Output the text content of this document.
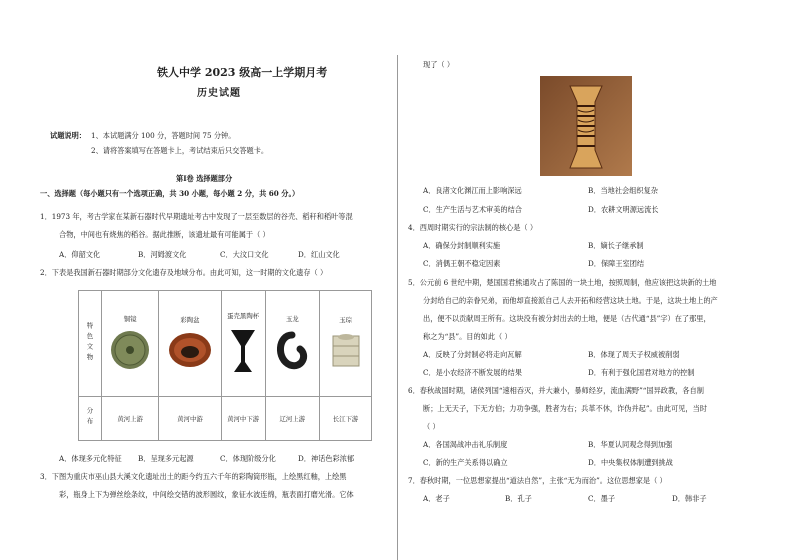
铁人中学 2023 级高一上学期月考
历史试题
试题说明： 1、本试题满分 100 分，答题时间 75 分钟。
2、请将答案填写在答题卡上，考试结束后只交答题卡。
第Ⅰ卷 选择题部分
一、选择题（每小题只有一个选项正确，共 30 小题，每小题 2 分，共 60 分。）
1．1973 年，考古学家在某新石器时代早期遗址考古中发现了一层至数层的谷壳、稻秆和稻叶等混
合物，中间也有烧焦的稻谷。据此推断，该遗址最有可能属于（ ）
A．仰韶文化	B．河姆渡文化	C．大汶口文化	D．红山文化
2．下表是我国新石器时期部分文化遗存及地域分布。由此可知，这一时期的文化遗存（ ）
特色文物	铜镜	彩陶盆	蛋壳黑陶杯	玉龙	玉琮

分布	黄河上游	黄河中游	黄河中下游	辽河上游	长江下游
A．体现多元化特征 B．呈现多元起源	C．体现阶级分化	D．神话色彩浓郁
3．下图为重庆市巫山县大溪文化遗址出土的距今约五六千年的彩陶筒形瓶，上绘黑红釉，上绘黑
彩，瓶身上下为弹丝绘条纹，中间绘交错的波形圆纹，象征水波连绵，瓶表面打磨光滑。它体
现了（ ）
A．良渚文化渊江而上影响深远	B．当地社会组织复杂
C．生产生活与艺术审美的结合	D．农耕文明源远流长
4．西周时期实行的宗法制的核心是（ ）
A．确保分封制顺利实施	B．嫡长子继承制
C．消偶王朝不稳定因素	D．保障王室团结
5．公元前 6 世纪中期，楚国国君熊通攻占了陈国的一块土地，按照周制，他应该把这块新的土地
分封给自己的亲眷兄弟，而他却直接派自己人去开拓和经营这块土地。于是，这块土地上的产
出，便不以贡献周王所有。这块没有被分封出去的土地，便是（古代通“县”字）在了那里，
称之为“县”。目的如此（ ）
A．反映了分封制必将走向瓦解	B．体现了周天子权威被削弱
C．是小农经济不断发展的结果	D．有利于强化国君对地方的控制
6．春秋战国时期，诸侯列国“速相吞灭，并大兼小，暴师经岁，流血满野”“国异政教，各自制
断；上无天子，下无方伯；力功争强，胜者为右；兵革不休，诈伪并起”。由此可见，当时
（ ）
A．各国渴战冲击礼乐制度	B．华夏认同观念得到加强
C．新的生产关系得以确立	D．中央集权体制遭到挑战
7．春秋时期，一位思想家提出“道法自然”，主张“无为而治”。这位思想家是（ ）
A．老子	B．孔子	C．墨子	D．韩非子
